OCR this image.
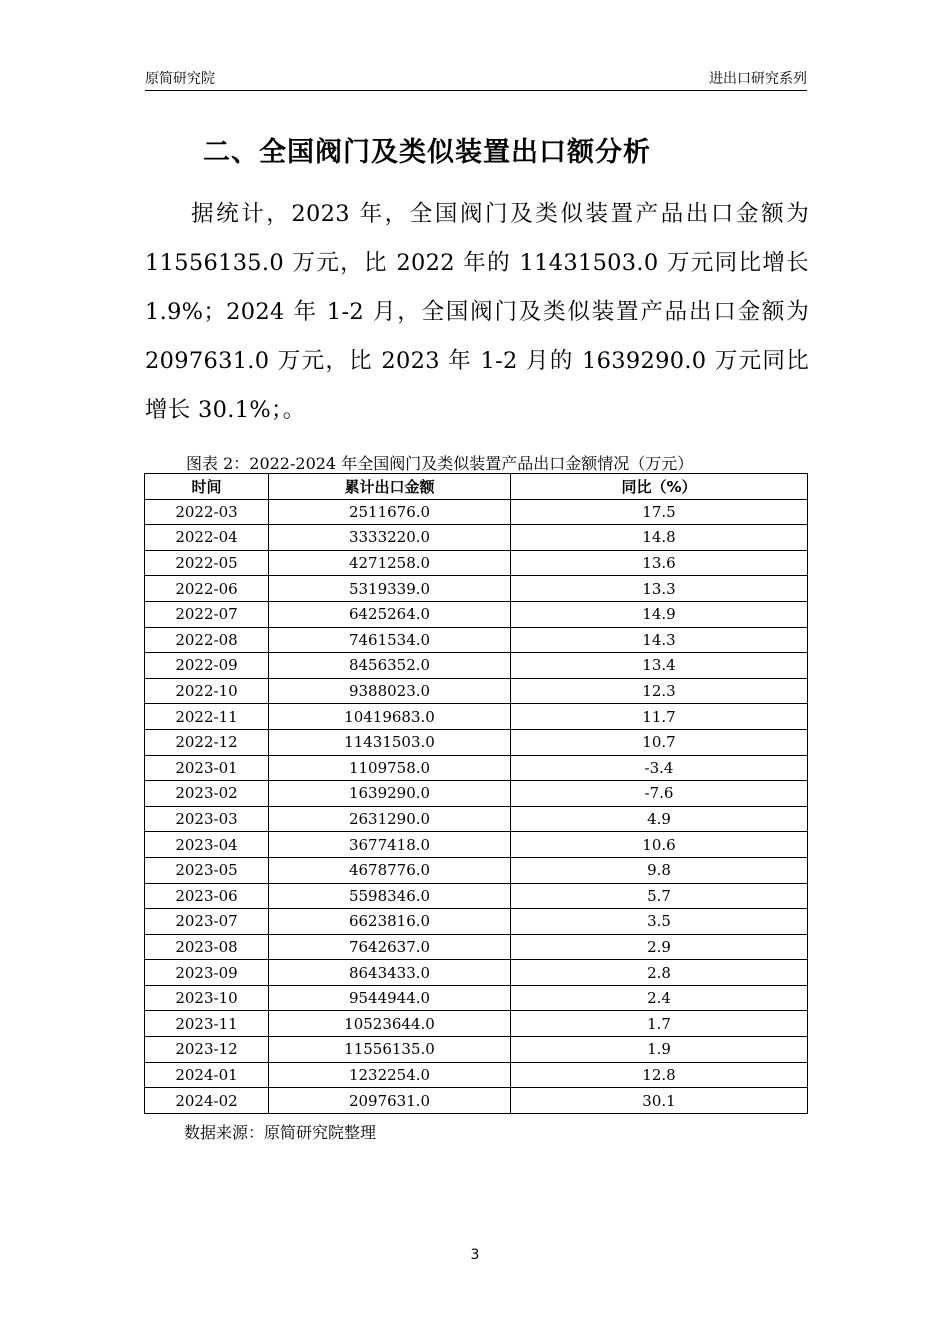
原简研究院	进出口研究系列
二、全国阀门及类似装置出口额分析
据统计，2023 年，全国阀门及类似装置产品出口金额为 11556135.0 万元，比 2022 年的 11431503.0 万元同比增长 1.9%；2024 年 1-2 月，全国阀门及类似装置产品出口金额为 2097631.0 万元，比 2023 年 1-2 月的 1639290.0 万元同比增长 30.1%；。
图表 2：2022-2024 年全国阀门及类似装置产品出口金额情况（万元）
时间	累计出口金额	同比（%）
2022-03	2511676.0	17.5
2022-04	3333220.0	14.8
2022-05	4271258.0	13.6
2022-06	5319339.0	13.3
2022-07	6425264.0	14.9
2022-08	7461534.0	14.3
2022-09	8456352.0	13.4
2022-10	9388023.0	12.3
2022-11	10419683.0	11.7
2022-12	11431503.0	10.7
2023-01	1109758.0	-3.4
2023-02	1639290.0	-7.6
2023-03	2631290.0	4.9
2023-04	3677418.0	10.6
2023-05	4678776.0	9.8
2023-06	5598346.0	5.7
2023-07	6623816.0	3.5
2023-08	7642637.0	2.9
2023-09	8643433.0	2.8
2023-10	9544944.0	2.4
2023-11	10523644.0	1.7
2023-12	11556135.0	1.9
2024-01	1232254.0	12.8
2024-02	2097631.0	30.1
数据来源：原简研究院整理
3
